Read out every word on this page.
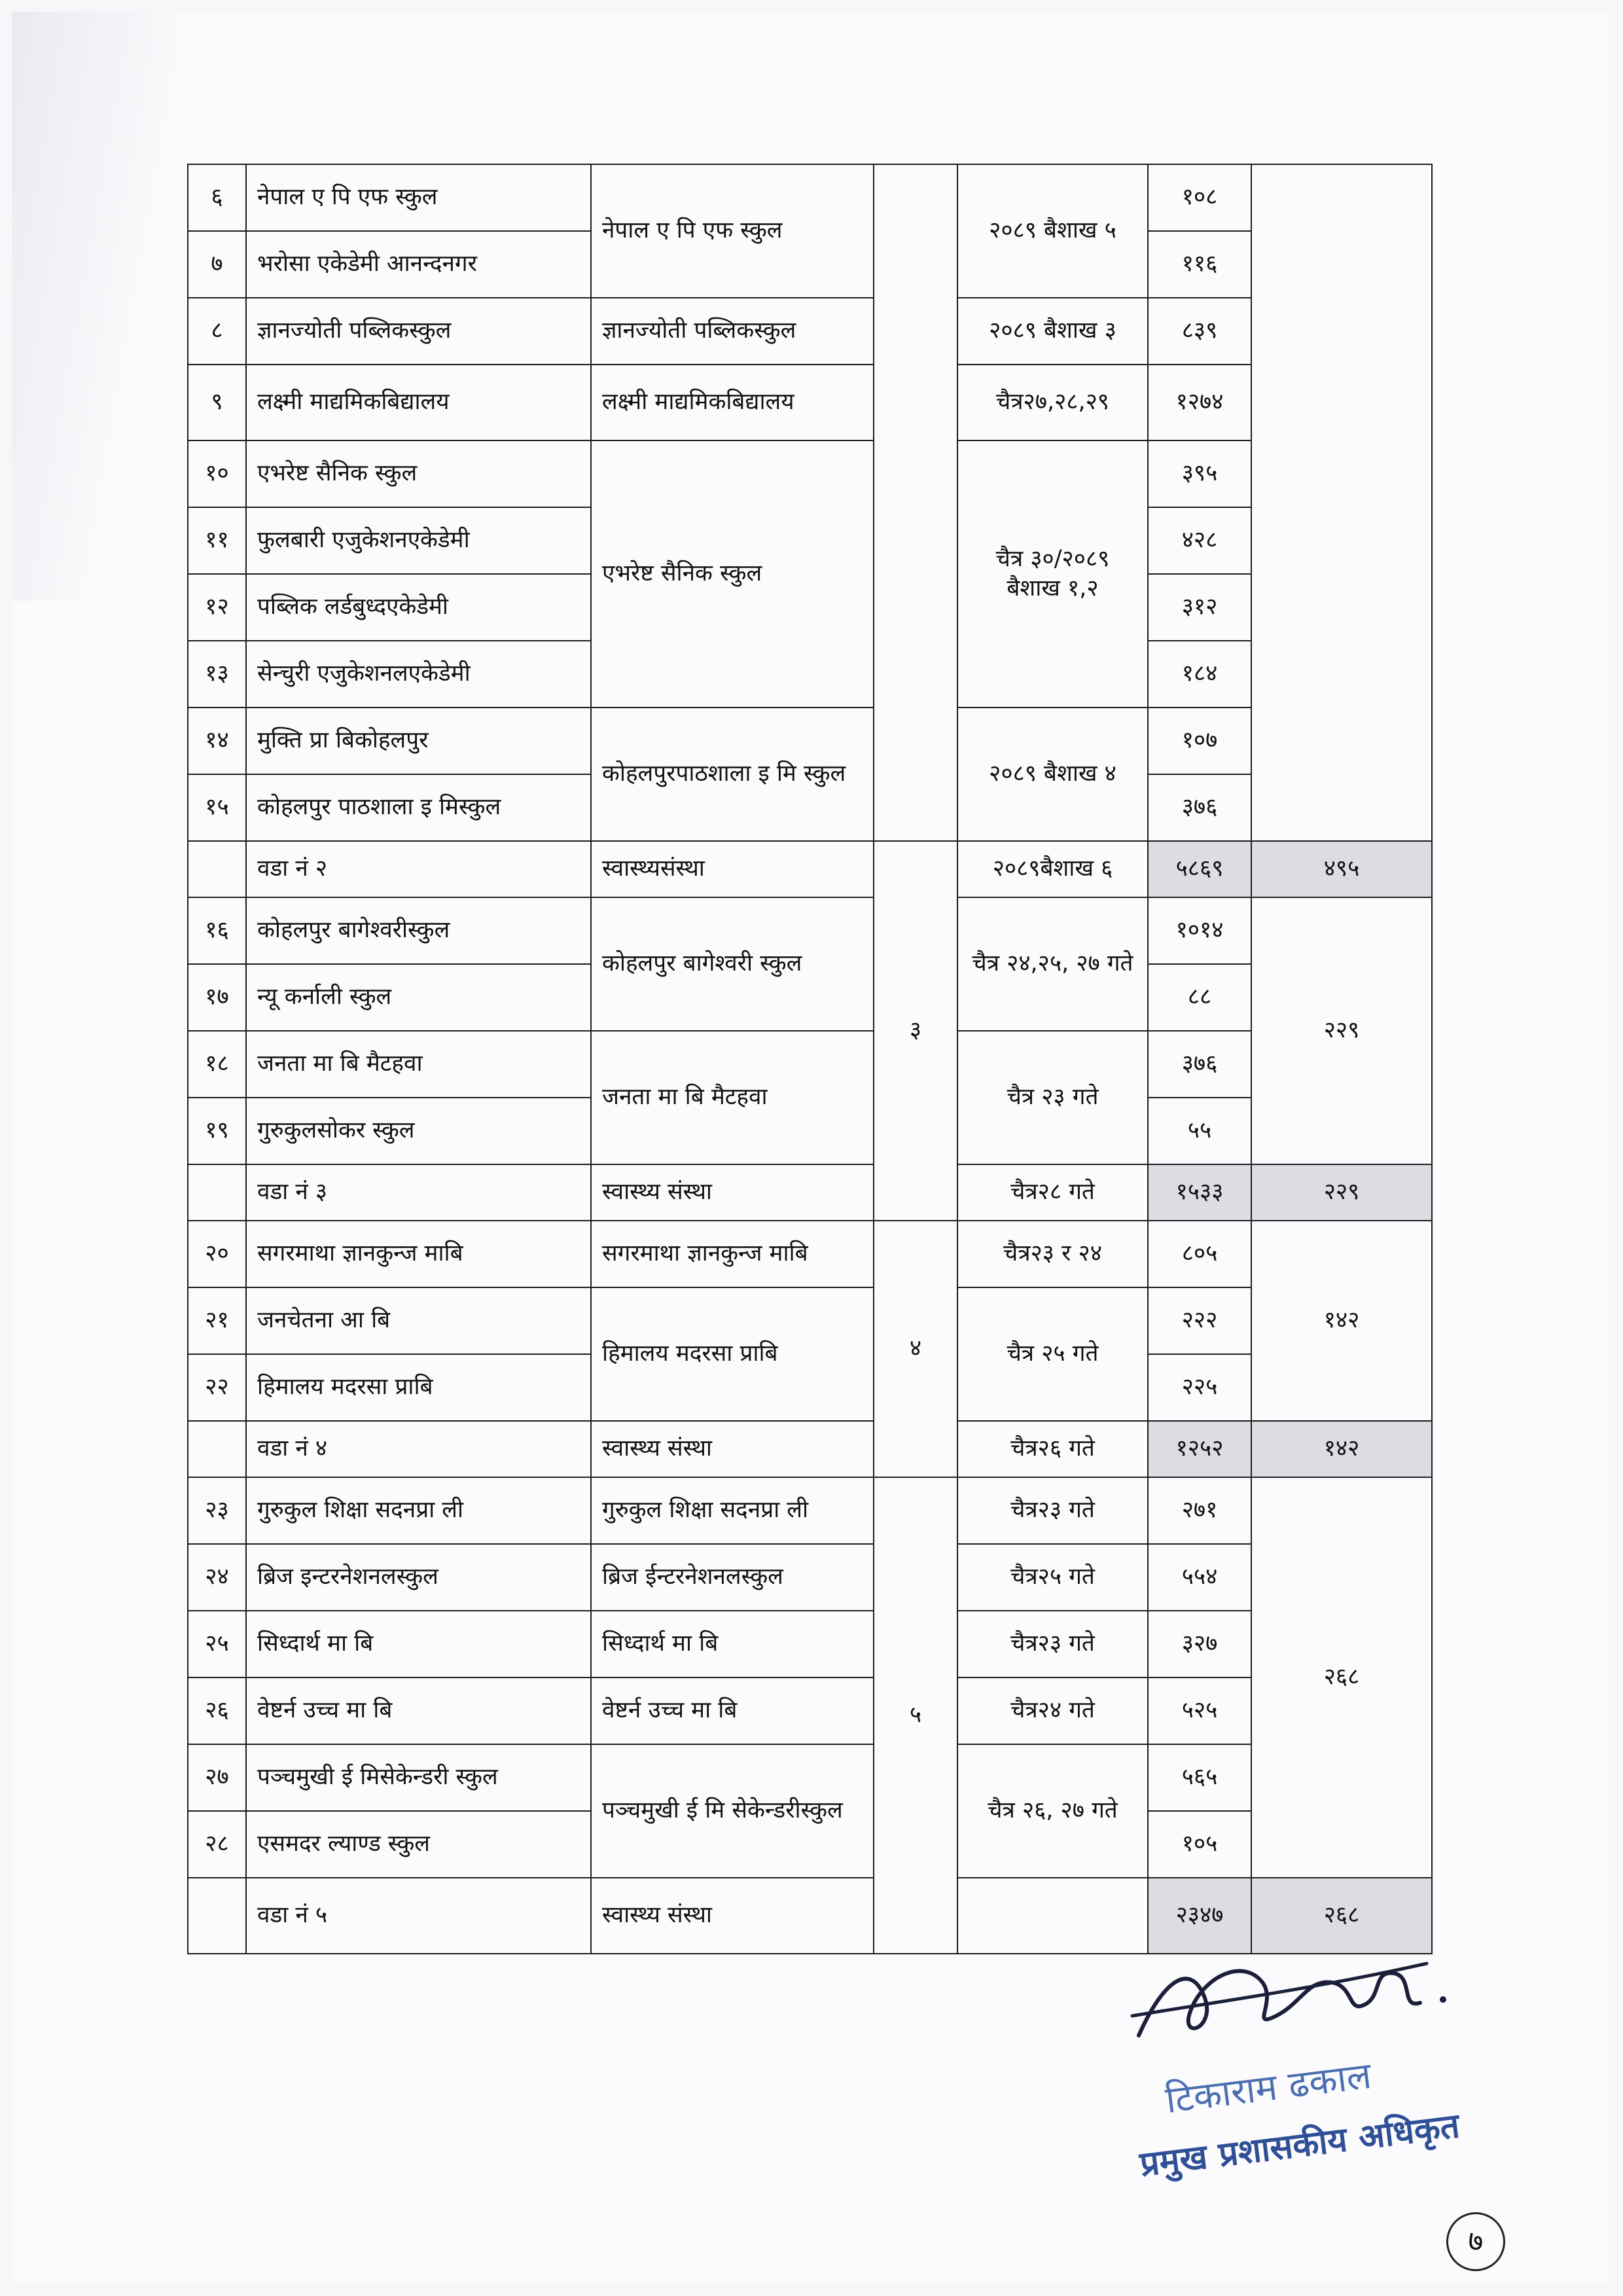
६	नेपाल ए पि एफ स्कुल	नेपाल ए पि एफ स्कुल		२०८९ बैशाख ५	१०८	
७	भरोसा एकेडेमी आनन्दनगर				११६	
८	ज्ञानज्योती पब्लिकस्कुल	ज्ञानज्योती पब्लिकस्कुल		२०८९ बैशाख ३	८३९	
९	लक्ष्मी माद्यमिकबिद्यालय	लक्ष्मी माद्यमिकबिद्यालय		चैत्र२७,२८,२९	१२७४	
१०	एभरेष्ट सैनिक स्कुल	एभरेष्ट सैनिक स्कुल		चैत्र ३०/२०८९ बैशाख १,२	३९५	
११	फुलबारी एजुकेशनएकेडेमी				४२८	
१२	पब्लिक लर्डबुध्दएकेडेमी				३१२	
१३	सेन्चुरी एजुकेशनलएकेडेमी				१८४	
१४	मुक्ति प्रा बिकोहलपुर	कोहलपुरपाठशाला इ मि स्कुल		२०८९ बैशाख ४	१०७	
१५	कोहलपुर पाठशाला इ मिस्कुल				३७६	
	वडा नं २	स्वास्थ्यसंस्था	३	२०८९बैशाख ६	५८६९	४९५
१६	कोहलपुर बागेश्वरीस्कुल	कोहलपुर बागेश्वरी स्कुल		चैत्र २४,२५, २७ गते	१०१४	२२९
१७	न्यू कर्नाली स्कुल				८८	
१८	जनता मा बि मैटहवा	जनता मा बि मैटहवा		चैत्र २३ गते	३७६	
१९	गुरुकुलसोकर स्कुल				५५	
	वडा नं ३	स्वास्थ्य संस्था		चैत्र२८ गते	१५३३	२२९
२०	सगरमाथा ज्ञानकुन्ज माबि	सगरमाथा ज्ञानकुन्ज माबि	४	चैत्र२३ र २४	८०५	१४२
२१	जनचेतना आ बि	हिमालय मदरसा प्राबि		चैत्र २५ गते	२२२	
२२	हिमालय मदरसा प्राबि				२२५	
	वडा नं ४	स्वास्थ्य संस्था		चैत्र२६ गते	१२५२	१४२
२३	गुरुकुल शिक्षा सदनप्रा ली	गुरुकुल शिक्षा सदनप्रा ली	५	चैत्र२३ गते	२७१	२६८
२४	ब्रिज इन्टरनेशनलस्कुल	ब्रिज ईन्टरनेशनलस्कुल		चैत्र२५ गते	५५४	
२५	सिध्दार्थ मा बि	सिध्दार्थ मा बि		चैत्र२३ गते	३२७	
२६	वेष्टर्न उच्च मा बि	वेष्टर्न उच्च मा बि		चैत्र२४ गते	५२५	
२७	पञ्चमुखी ई मिसेकेन्डरी स्कुल	पञ्चमुखी ई मि सेकेन्डरीस्कुल		चैत्र २६, २७ गते	५६५	
२८	एसमदर ल्याण्ड स्कुल				१०५	
	वडा नं ५	स्वास्थ्य संस्था			२३४७	२६८
टिकाराम ढकाल
प्रमुख प्रशासकीय अधिकृत
७
